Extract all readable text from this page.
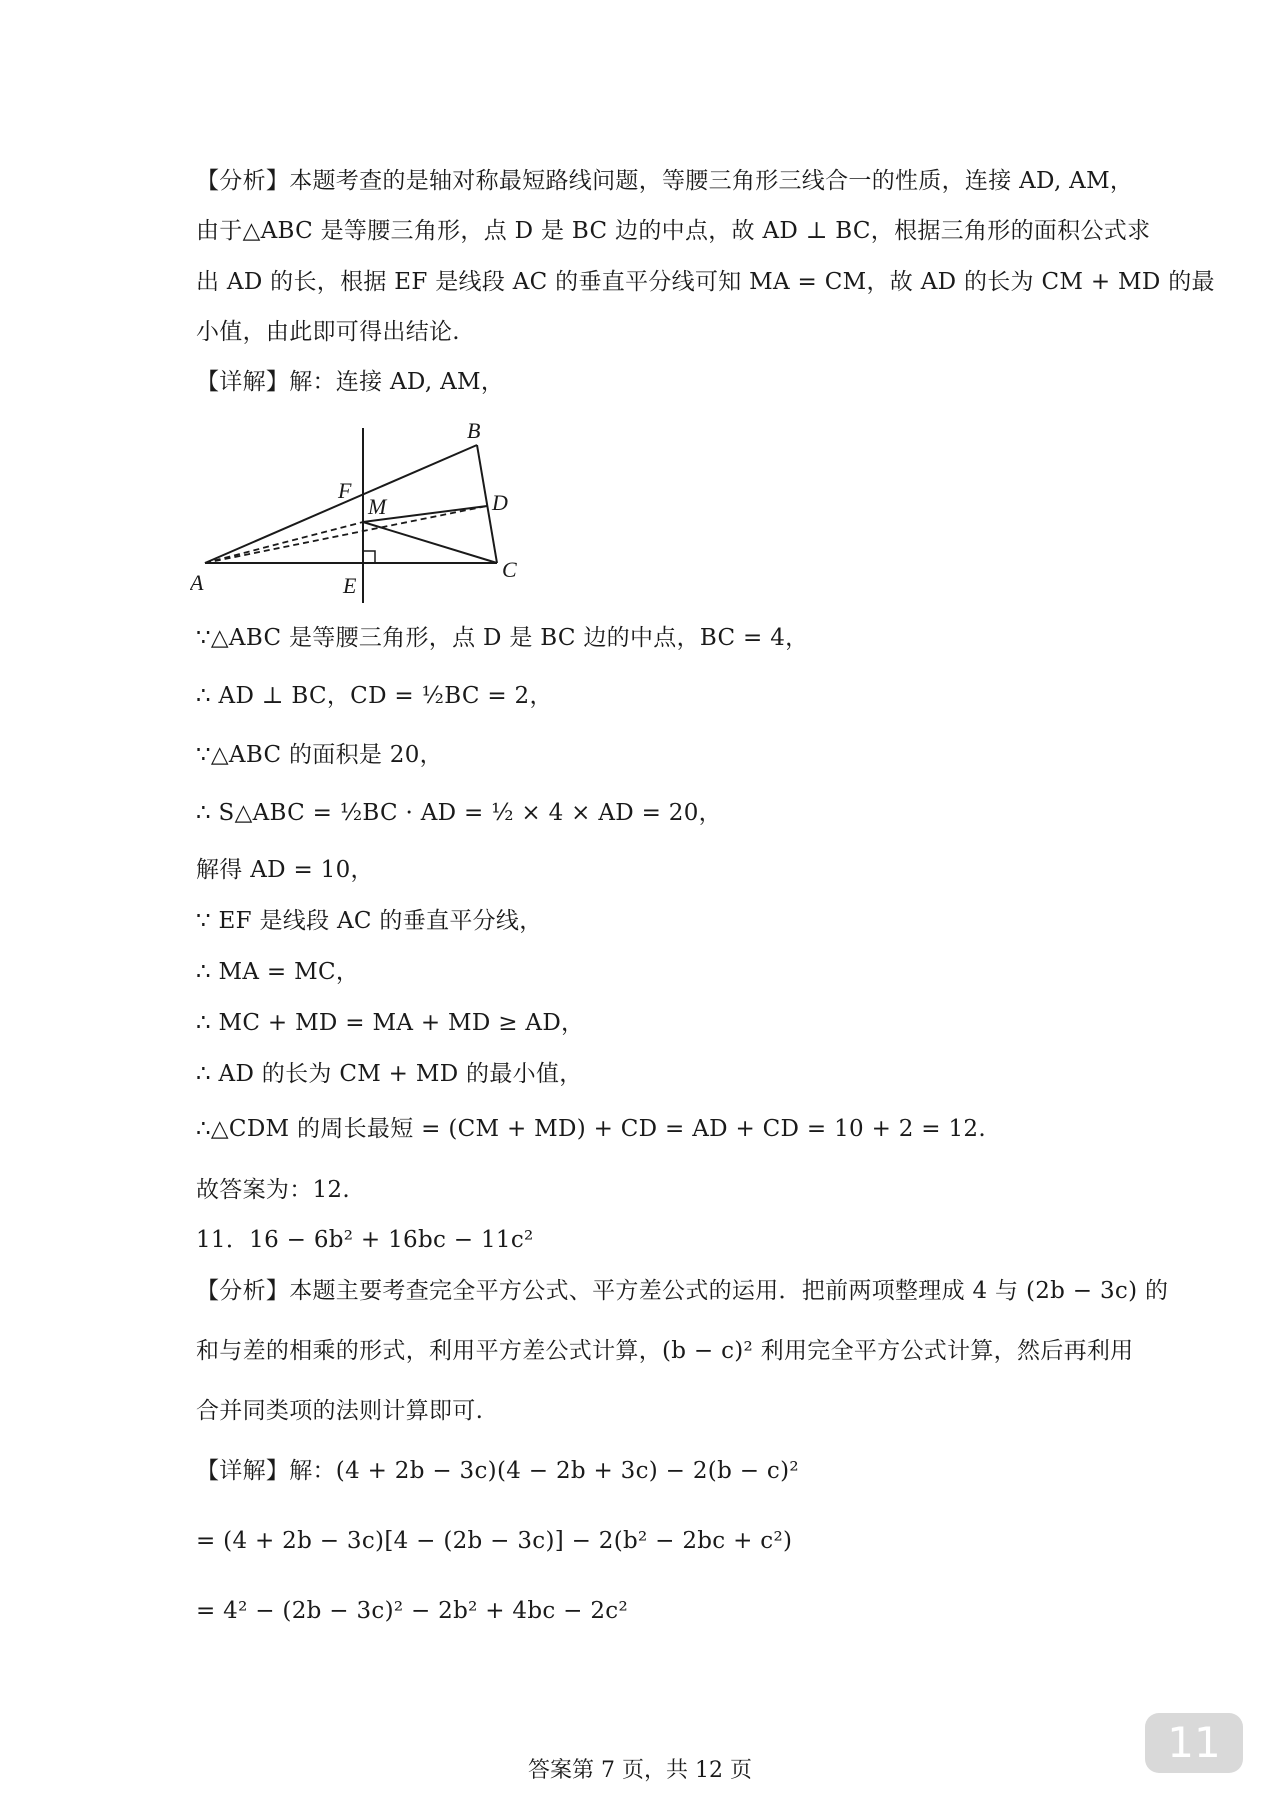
【分析】本题考查的是轴对称最短路线问题，等腰三角形三线合一的性质，连接 AD, AM，
由于△ABC 是等腰三角形，点 D 是 BC 边的中点，故 AD ⊥ BC，根据三角形的面积公式求
出 AD 的长，根据 EF 是线段 AC 的垂直平分线可知 MA = CM，故 AD 的长为 CM + MD 的最
小值，由此即可得出结论.
【详解】解：连接 AD, AM，
B
D
C
A	E
F
M
∵△ABC 是等腰三角形，点 D 是 BC 边的中点，BC = 4，
∴ AD ⊥ BC，CD = ½BC = 2，
∵△ABC 的面积是 20，
∴ S△ABC = ½BC · AD = ½ × 4 × AD = 20，
解得 AD = 10，
∵ EF 是线段 AC 的垂直平分线，
∴ MA = MC，
∴ MC + MD = MA + MD ≥ AD，
∴ AD 的长为 CM + MD 的最小值，
∴△CDM 的周长最短 = (CM + MD) + CD = AD + CD = 10 + 2 = 12.
故答案为：12.
11．16 − 6b² + 16bc − 11c²
【分析】本题主要考查完全平方公式、平方差公式的运用．把前两项整理成 4 与 (2b − 3c) 的
和与差的相乘的形式，利用平方差公式计算，(b − c)² 利用完全平方公式计算，然后再利用
合并同类项的法则计算即可.
【详解】解：(4 + 2b − 3c)(4 − 2b + 3c) − 2(b − c)²
= (4 + 2b − 3c)[4 − (2b − 3c)] − 2(b² − 2bc + c²)
= 4² − (2b − 3c)² − 2b² + 4bc − 2c²
答案第 7 页，共 12 页
11
